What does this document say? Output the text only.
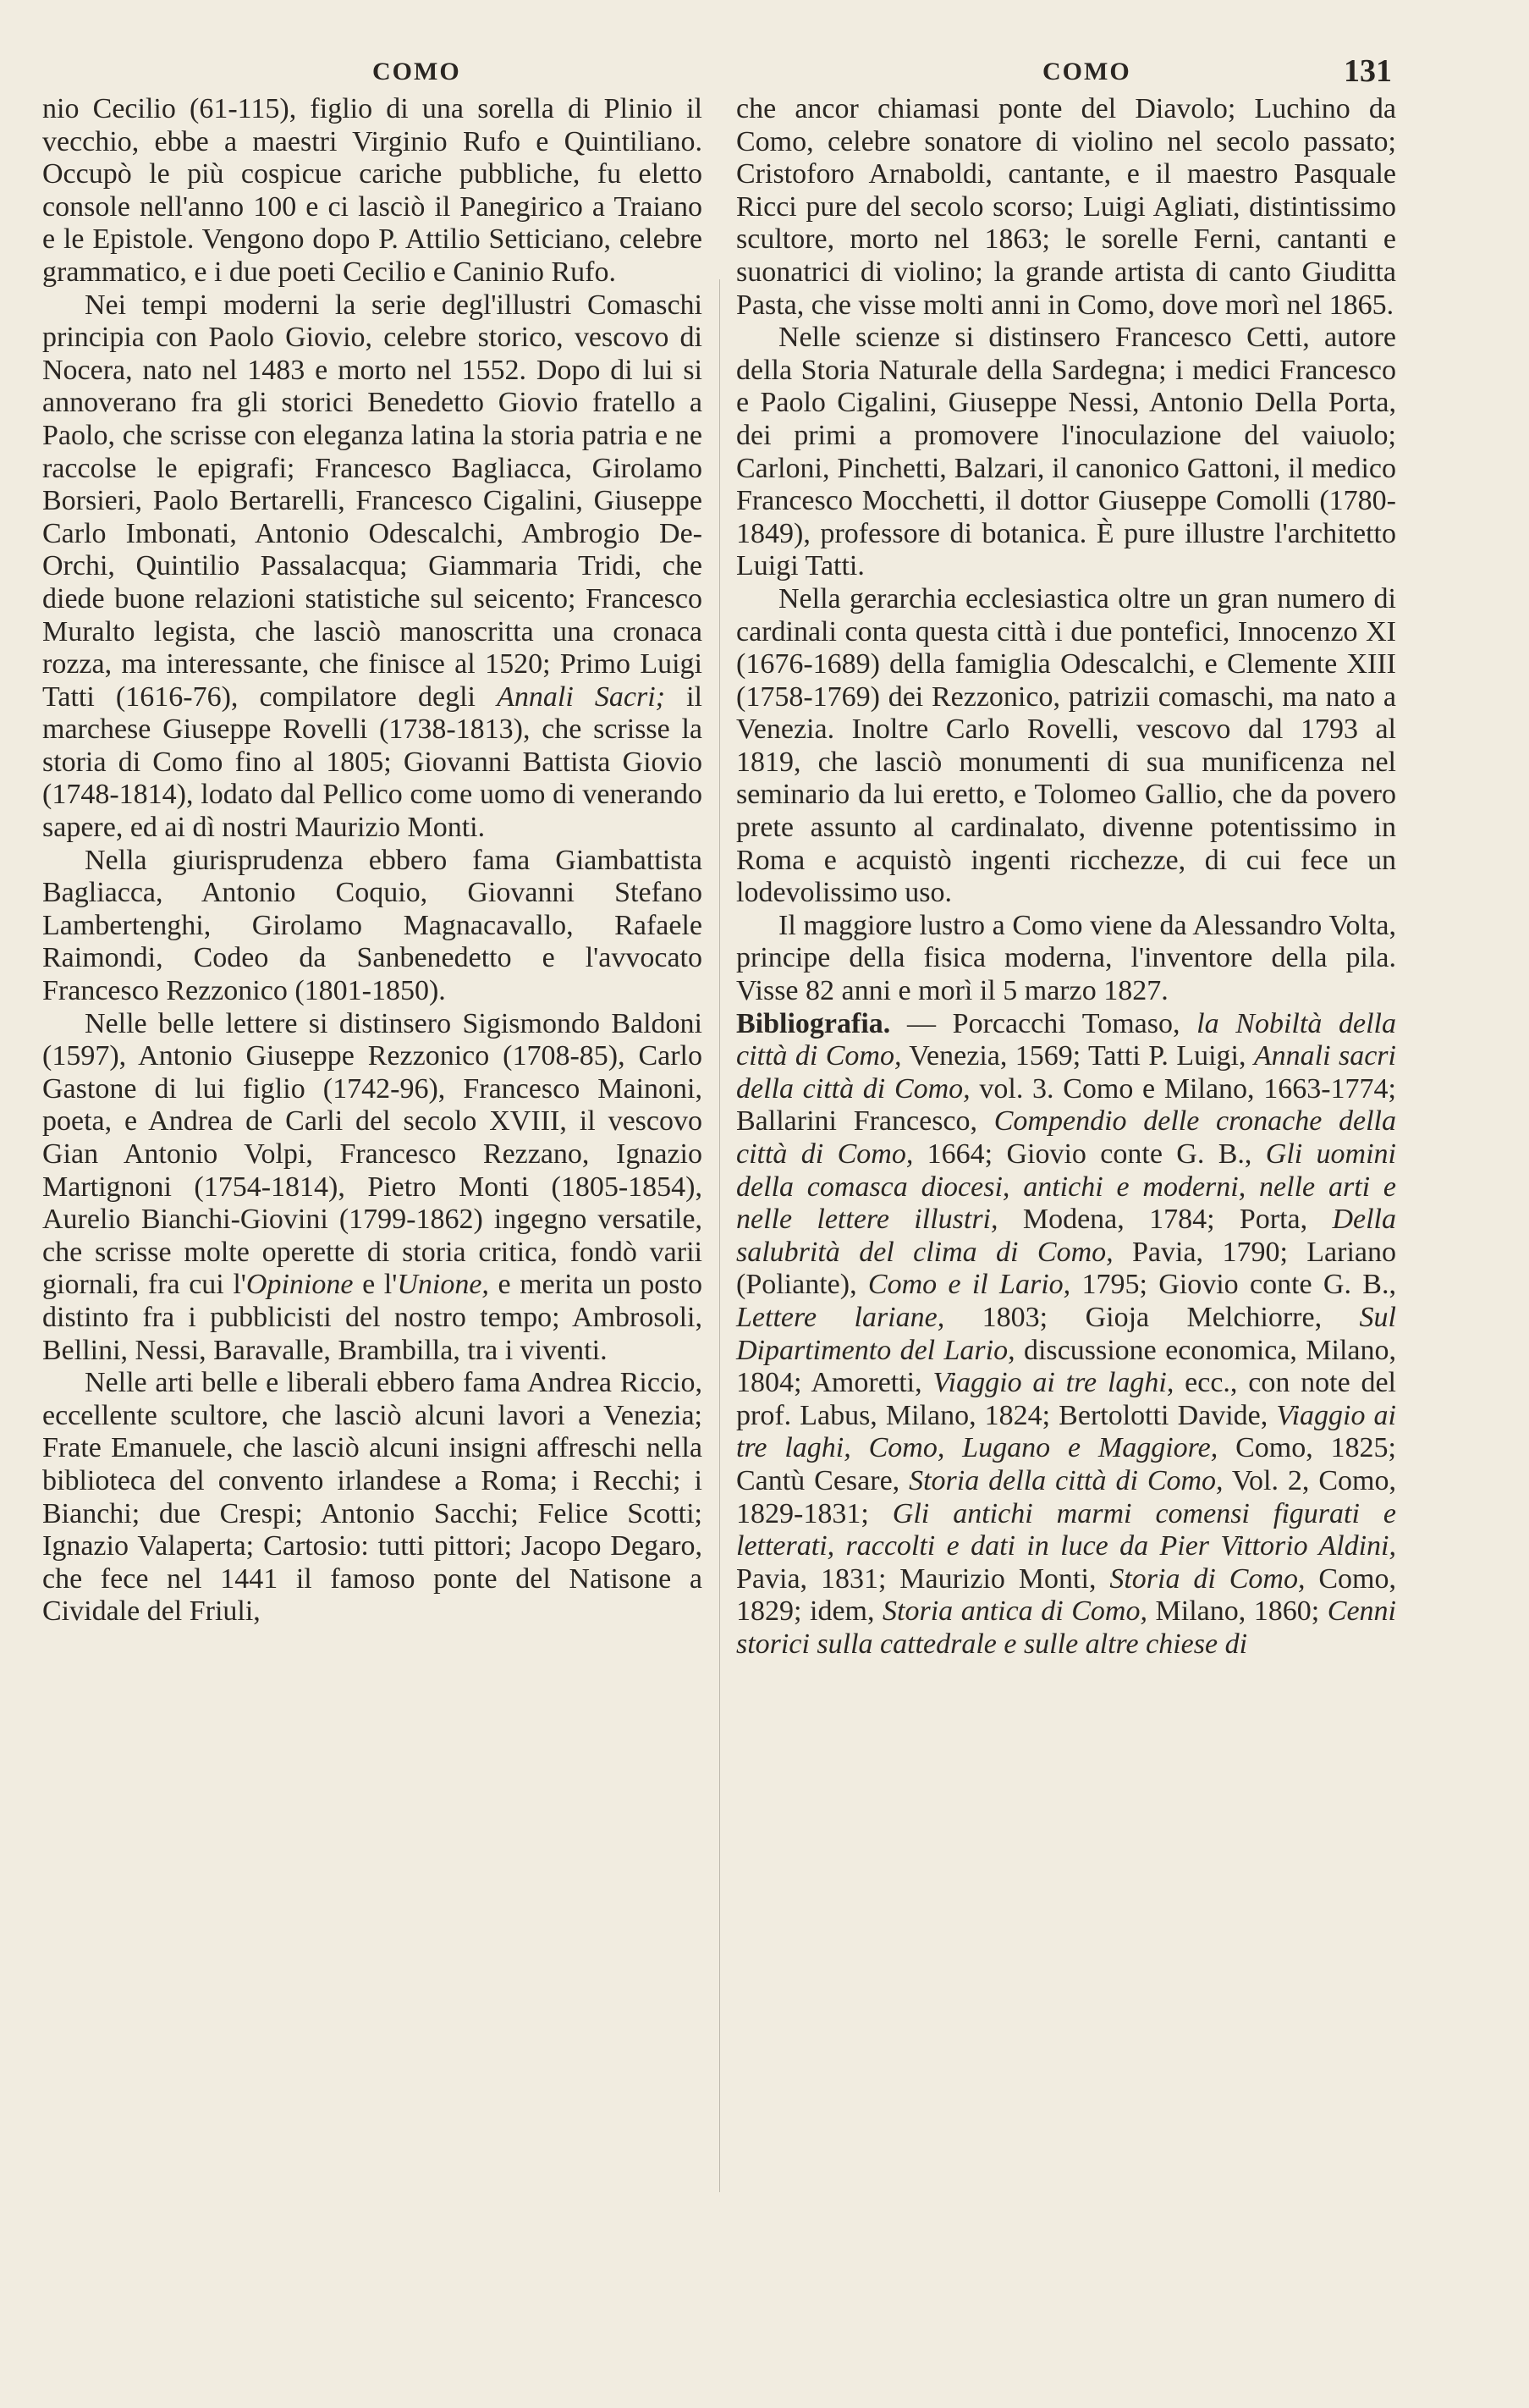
COMO	COMO	131

nio Cecilio (61-115), figlio di una sorella di Plinio il vecchio, ebbe a maestri Virginio Rufo e Quintiliano. Occupò le più cospicue cariche pubbliche, fu eletto console nell'anno 100 e ci lasciò il Panegirico a Traiano e le Epistole. Vengono dopo P. Attilio Setticiano, celebre grammatico, e i due poeti Cecilio e Caninio Rufo.

Nei tempi moderni la serie degl'illustri Comaschi principia con Paolo Giovio, celebre storico, vescovo di Nocera, nato nel 1483 e morto nel 1552. Dopo di lui si annoverano fra gli storici Benedetto Giovio fratello a Paolo, che scrisse con eleganza latina la storia patria e ne raccolse le epigrafi; Francesco Bagliacca, Girolamo Borsieri, Paolo Bertarelli, Francesco Cigalini, Giuseppe Carlo Imbonati, Antonio Odescalchi, Ambrogio De-Orchi, Quintilio Passalacqua; Giammaria Tridi, che diede buone relazioni statistiche sul seicento; Francesco Muralto legista, che lasciò manoscritta una cronaca rozza, ma interessante, che finisce al 1520; Primo Luigi Tatti (1616-76), compilatore degli Annali Sacri; il marchese Giuseppe Rovelli (1738-1813), che scrisse la storia di Como fino al 1805; Giovanni Battista Giovio (1748-1814), lodato dal Pellico come uomo di venerando sapere, ed ai dì nostri Maurizio Monti.

Nella giurisprudenza ebbero fama Giambattista Bagliacca, Antonio Coquio, Giovanni Stefano Lambertenghi, Girolamo Magnacavallo, Rafaele Raimondi, Codeo da Sanbenedetto e l'avvocato Francesco Rezzonico (1801-1850).

Nelle belle lettere si distinsero Sigismondo Baldoni (1597), Antonio Giuseppe Rezzonico (1708-85), Carlo Gastone di lui figlio (1742-96), Francesco Mainoni, poeta, e Andrea de Carli del secolo XVIII, il vescovo Gian Antonio Volpi, Francesco Rezzano, Ignazio Martignoni (1754-1814), Pietro Monti (1805-1854), Aurelio Bianchi-Giovini (1799-1862) ingegno versatile, che scrisse molte operette di storia critica, fondò varii giornali, fra cui l'Opinione e l'Unione, e merita un posto distinto fra i pubblicisti del nostro tempo; Ambrosoli, Bellini, Nessi, Baravalle, Brambilla, tra i viventi.

Nelle arti belle e liberali ebbero fama Andrea Riccio, eccellente scultore, che lasciò alcuni lavori a Venezia; Frate Emanuele, che lasciò alcuni insigni affreschi nella biblioteca del convento irlandese a Roma; i Recchi; i Bianchi; due Crespi; Antonio Sacchi; Felice Scotti; Ignazio Valaperta; Cartosio: tutti pittori; Jacopo Degaro, che fece nel 1441 il famoso ponte del Natisone a Cividale del Friuli,

che ancor chiamasi ponte del Diavolo; Luchino da Como, celebre sonatore di violino nel secolo passato; Cristoforo Arnaboldi, cantante, e il maestro Pasquale Ricci pure del secolo scorso; Luigi Agliati, distintissimo scultore, morto nel 1863; le sorelle Ferni, cantanti e suonatrici di violino; la grande artista di canto Giuditta Pasta, che visse molti anni in Como, dove morì nel 1865.

Nelle scienze si distinsero Francesco Cetti, autore della Storia Naturale della Sardegna; i medici Francesco e Paolo Cigalini, Giuseppe Nessi, Antonio Della Porta, dei primi a promovere l'inoculazione del vaiuolo; Carloni, Pinchetti, Balzari, il canonico Gattoni, il medico Francesco Mocchetti, il dottor Giuseppe Comolli (1780-1849), professore di botanica. È pure illustre l'architetto Luigi Tatti.

Nella gerarchia ecclesiastica oltre un gran numero di cardinali conta questa città i due pontefici, Innocenzo XI (1676-1689) della famiglia Odescalchi, e Clemente XIII (1758-1769) dei Rezzonico, patrizii comaschi, ma nato a Venezia. Inoltre Carlo Rovelli, vescovo dal 1793 al 1819, che lasciò monumenti di sua munificenza nel seminario da lui eretto, e Tolomeo Gallio, che da povero prete assunto al cardinalato, divenne potentissimo in Roma e acquistò ingenti ricchezze, di cui fece un lodevolissimo uso.

Il maggiore lustro a Como viene da Alessandro Volta, principe della fisica moderna, l'inventore della pila. Visse 82 anni e morì il 5 marzo 1827.

Bibliografia. — Porcacchi Tomaso, la Nobiltà della città di Como, Venezia, 1569; Tatti P. Luigi, Annali sacri della città di Como, vol. 3. Como e Milano, 1663-1774; Ballarini Francesco, Compendio delle cronache della città di Como, 1664; Giovio conte G. B., Gli uomini della comasca diocesi, antichi e moderni, nelle arti e nelle lettere illustri, Modena, 1784; Porta, Della salubrità del clima di Como, Pavia, 1790; Lariano (Poliante), Como e il Lario, 1795; Giovio conte G. B., Lettere lariane, 1803; Gioja Melchiorre, Sul Dipartimento del Lario, discussione economica, Milano, 1804; Amoretti, Viaggio ai tre laghi, ecc., con note del prof. Labus, Milano, 1824; Bertolotti Davide, Viaggio ai tre laghi, Como, Lugano e Maggiore, Como, 1825; Cantù Cesare, Storia della città di Como, Vol. 2, Como, 1829-1831; Gli antichi marmi comensi figurati e letterati, raccolti e dati in luce da Pier Vittorio Aldini, Pavia, 1831; Maurizio Monti, Storia di Como, Como, 1829; idem, Storia antica di Como, Milano, 1860; Cenni storici sulla cattedrale e sulle altre chiese di
